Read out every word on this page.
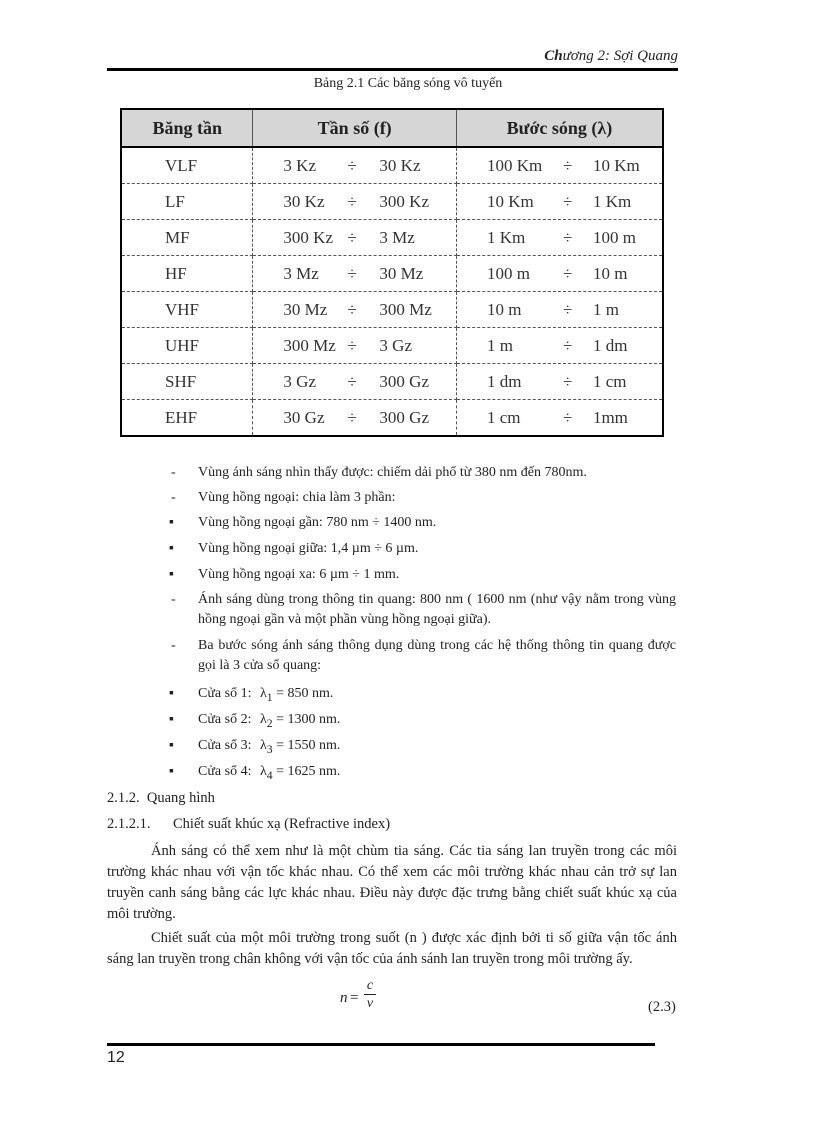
Chương 2: Sợi Quang
Bảng 2.1 Các băng sóng vô tuyến
Băng tần	Tần số (f)	Bước sóng (λ)
VLF	3 Kz ÷ 30 Kz	100 Km ÷ 10 Km
LF	30 Kz ÷ 300 Kz	10 Km ÷ 1 Km
MF	300 Kz ÷ 3 Mz	1 Km ÷ 100 m
HF	3 Mz ÷ 30 Mz	100 m ÷ 10 m
VHF	30 Mz ÷ 300 Mz	10 m ÷ 1 m
UHF	300 Mz ÷ 3 Gz	1 m ÷ 1 dm
SHF	3 Gz ÷ 300 Gz	1 dm ÷ 1 cm
EHF	30 Gz ÷ 300 Gz	1 cm ÷ 1mm
-	Vùng ánh sáng nhìn thấy được: chiếm dải phổ từ 380 nm đến 780nm.
-	Vùng hồng ngoại: chia làm 3 phần:
▪	Vùng hồng ngoại gần: 780 nm ÷ 1400 nm.
▪	Vùng hồng ngoại giữa: 1,4 µm ÷ 6 µm.
▪	Vùng hồng ngoại xa: 6 µm ÷ 1 mm.
-	Ánh sáng dùng trong thông tin quang: 800 nm ( 1600 nm (như vậy nằm trong vùng hồng ngoại gần và một phần vùng hồng ngoại giữa).
-	Ba bước sóng ánh sáng thông dụng dùng trong các hệ thống thông tin quang được gọi là 3 cửa sổ quang:
▪	Cửa sổ 1: $\lambda_1 = 850$ nm.
▪	Cửa sổ 2: $\lambda_2 = 1300$ nm.
▪	Cửa sổ 3: $\lambda_3 = 1550$ nm.
▪	Cửa sổ 4: $\lambda_4 = 1625$ nm.
2.1.2. Quang hình
2.1.2.1. Chiết suất khúc xạ (Refractive index)
Ánh sáng có thể xem như là một chùm tia sáng. Các tia sáng lan truyền trong các môi trường khác nhau với vận tốc khác nhau. Có thể xem các môi trường khác nhau cản trở sự lan truyền canh sáng bằng các lực khác nhau. Điều này được đặc trưng bằng chiết suất khúc xạ của môi trường.
Chiết suất của một môi trường trong suốt (n ) được xác định bởi ti số giữa vận tốc ánh sáng lan truyền trong chân không với vận tốc của ánh sánh lan truyền trong môi trường ấy.
n =
c
v	(2.3)
12
